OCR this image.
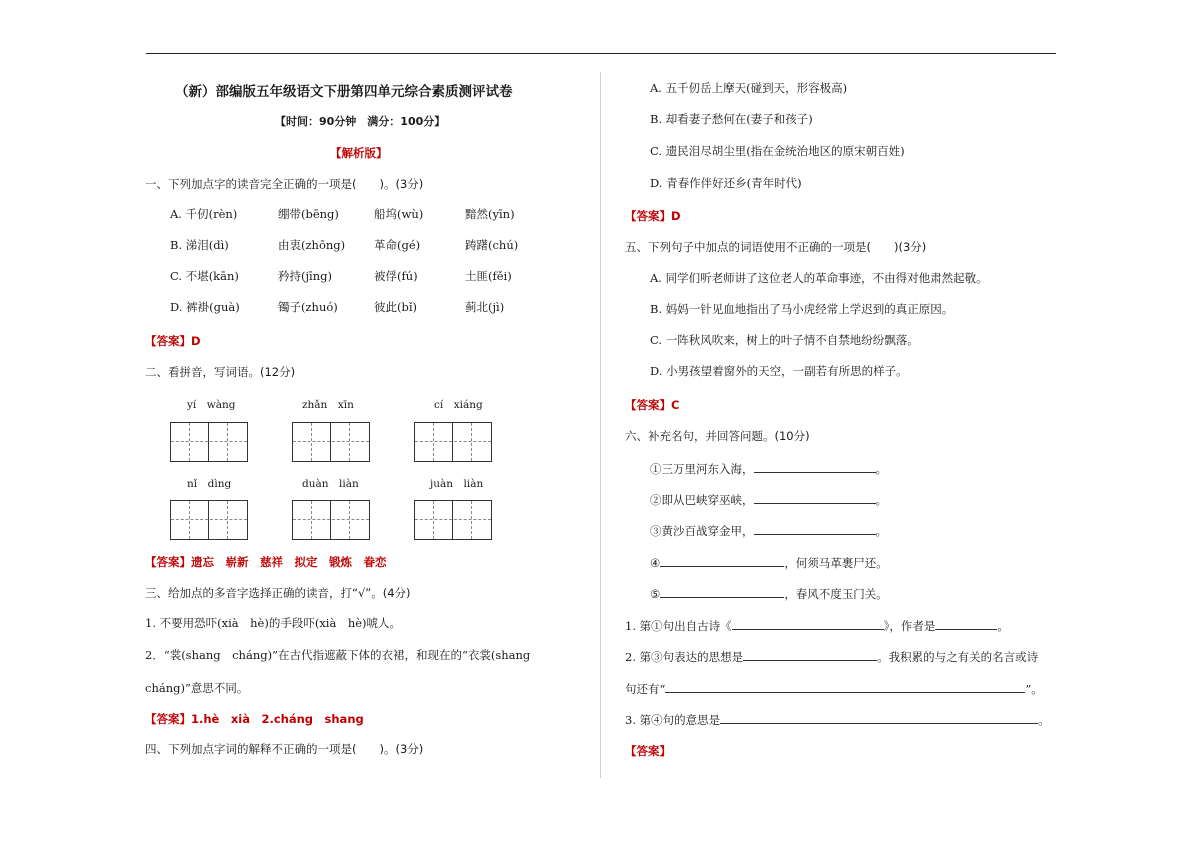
（新）部编版五年级语文下册第四单元综合素质测评试卷
【时间：90分钟　满分：100分】
【解析版】
一、下列加点字的读音完全正确的一项是(　　)。(3分)
A. 千仞(rèn)	绷带(bēng)	船坞(wù)	黯然(yīn)
B. 涕泪(dì)	由衷(zhōng)	革命(gé)	踌躇(chú)
C. 不堪(kān)	矜持(jīng)	被俘(fú)	土匪(fěi)
D. 裤褂(guà)	镯子(zhuó)	彼此(bǐ)	蓟北(jì)
【答案】D
二、看拼音，写词语。(12分)
yí　wàng	zhǎn　xīn	cí　xiáng
nǐ　dìng	duàn　liàn	juàn　liàn
【答案】遗忘　崭新　慈祥　拟定　锻炼　眷恋
三、给加点的多音字选择正确的读音，打“√”。(4分)
1. 不要用恐吓(xià　hè)的手段吓(xià　hè)唬人。
2．“裳(shang　cháng)”在古代指遮蔽下体的衣裙，和现在的“衣裳(shang
cháng)”意思不同。
【答案】1.hè　xià　2.cháng　shang
四、下列加点字词的解释不正确的一项是(　　)。(3分)
A. 五千仞岳上摩天(碰到天，形容极高)
B. 却看妻子愁何在(妻子和孩子)
C. 遗民泪尽胡尘里(指在金统治地区的原宋朝百姓)
D. 青春作伴好还乡(青年时代)
【答案】D
五、下列句子中加点的词语使用不正确的一项是(　　)(3分)
A. 同学们听老师讲了这位老人的革命事迹，不由得对他肃然起敬。
B. 妈妈一针见血地指出了马小虎经常上学迟到的真正原因。
C. 一阵秋风吹来，树上的叶子情不自禁地纷纷飘落。
D. 小男孩望着窗外的天空，一副若有所思的样子。
【答案】C
六、补充名句，并回答问题。(10分)
①三万里河东入海，	。
②即从巴峡穿巫峡，	。
③黄沙百战穿金甲，	。
④	，何须马革裹尸还。
⑤	，春风不度玉门关。
1. 第①句出自古诗《	》，作者是	。
2. 第③句表达的思想是	。我积累的与之有关的名言或诗
句还有“	”。
3. 第④句的意思是	。
【答案】
